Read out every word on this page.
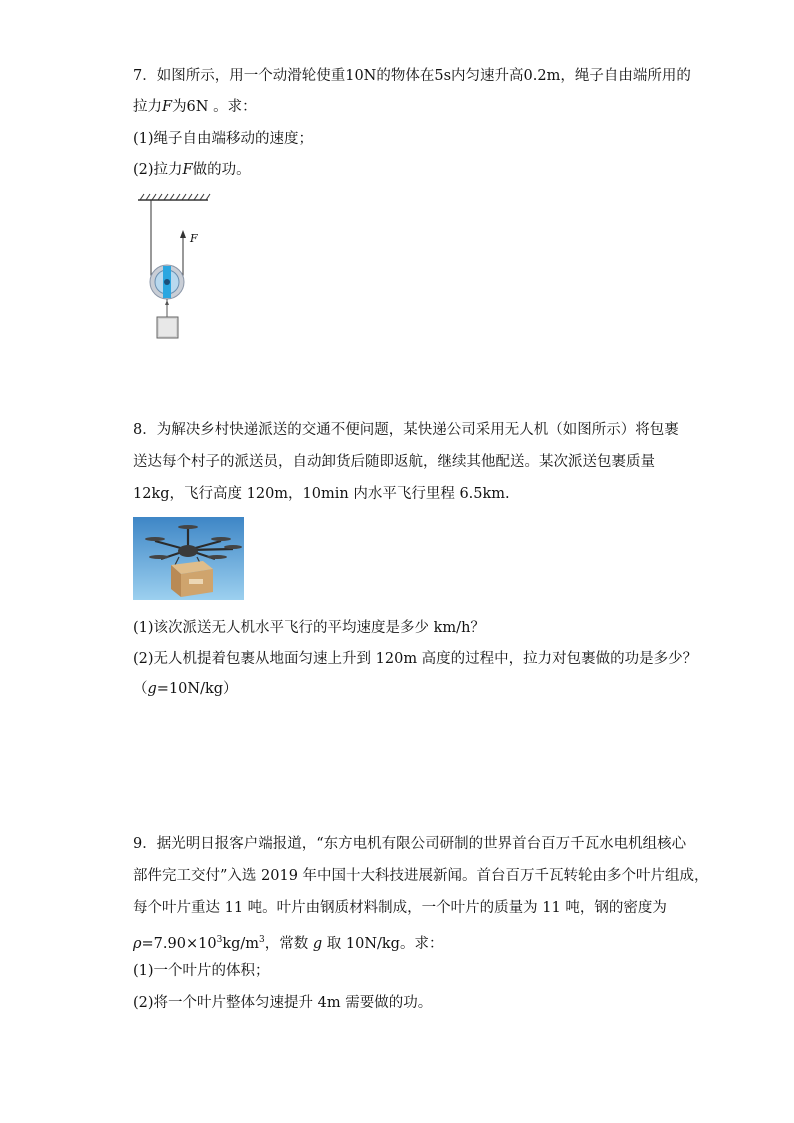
7．如图所示，用一个动滑轮使重10N的物体在5s内匀速升高0.2m，绳子自由端所用的
拉力F为6N 。求：
(1)绳子自由端移动的速度；
(2)拉力F做的功。
F
8．为解决乡村快递派送的交通不便问题，某快递公司采用无人机（如图所示）将包裹
送达每个村子的派送员，自动卸货后随即返航，继续其他配送。某次派送包裹质量
12kg，飞行高度 120m，10min 内水平飞行里程 6.5km.
(1)该次派送无人机水平飞行的平均速度是多少 km/h？
(2)无人机提着包裹从地面匀速上升到 120m 高度的过程中，拉力对包裹做的功是多少？
（g=10N/kg）
9．据光明日报客户端报道，“东方电机有限公司研制的世界首台百万千瓦水电机组核心
部件完工交付”入选 2019 年中国十大科技进展新闻。首台百万千瓦转轮由多个叶片组成，
每个叶片重达 11 吨。叶片由钢质材料制成，一个叶片的质量为 11 吨，钢的密度为
$\rho=7.90\times 10^3kg/m^3$，常数 g 取 10N/kg。求：
(1)一个叶片的体积；
(2)将一个叶片整体匀速提升 4m 需要做的功。
